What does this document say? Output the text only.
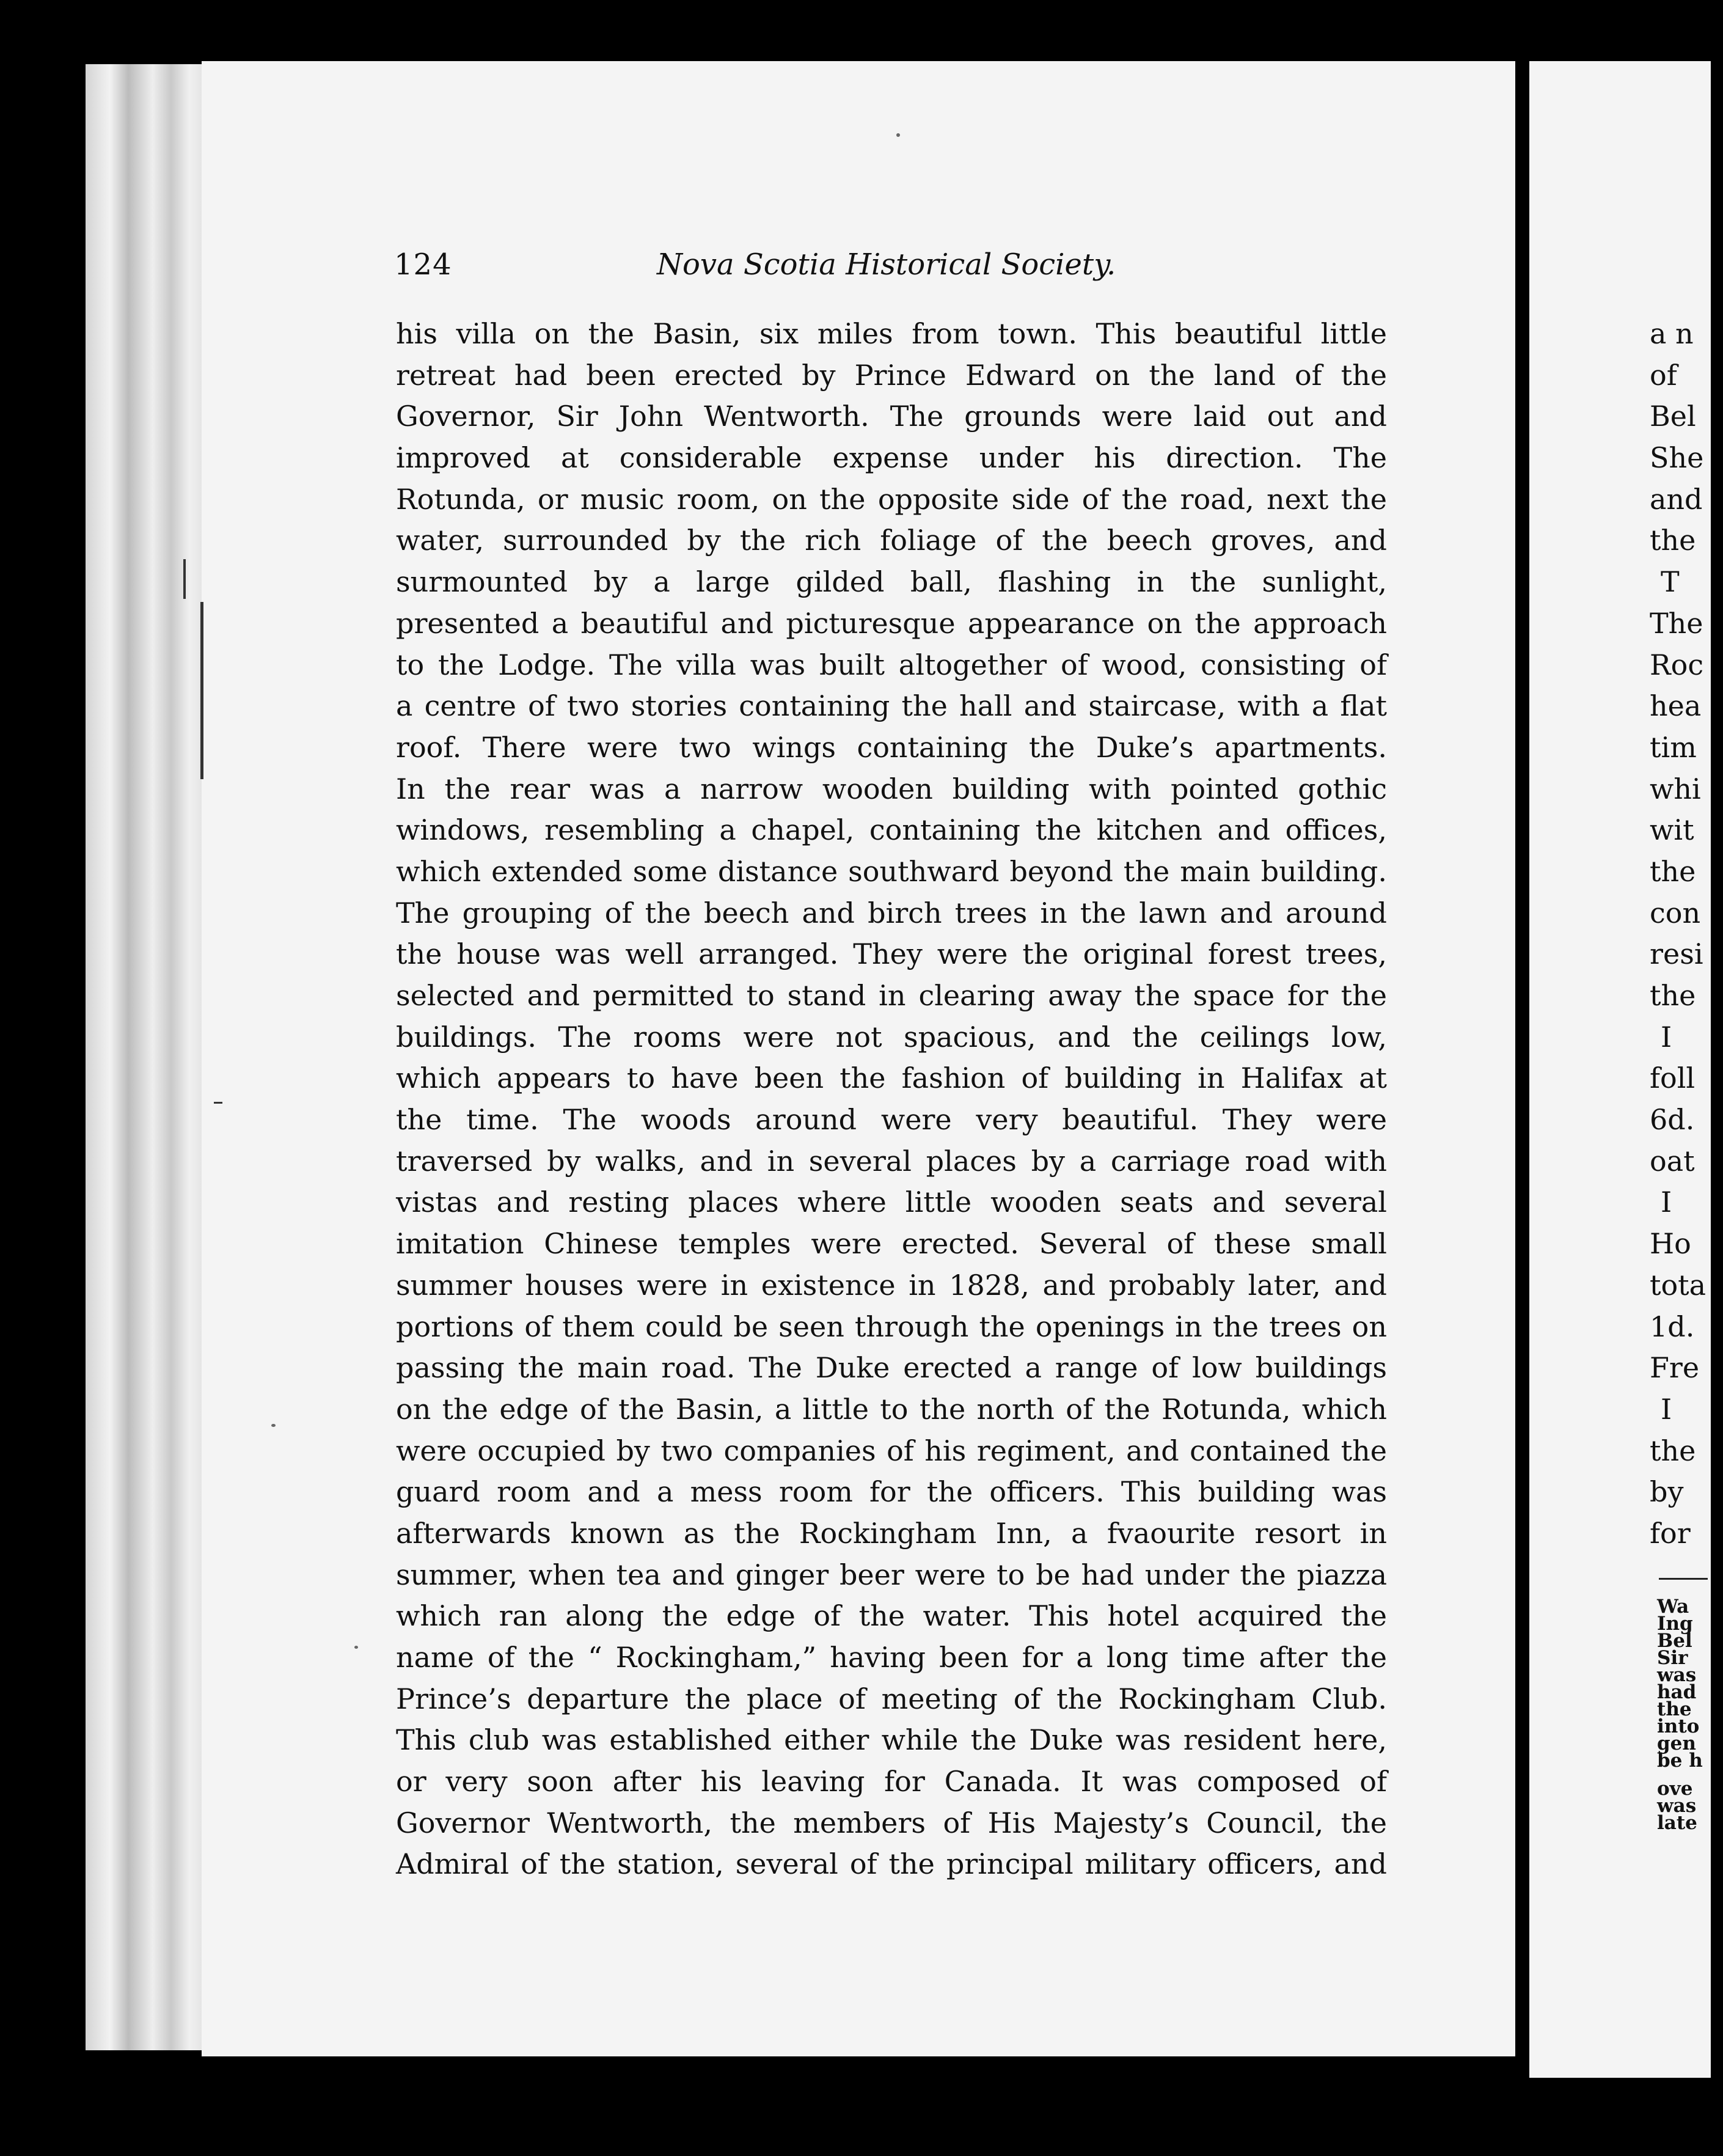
124	Nova Scotia Historical Society.
his villa on the Basin, six miles from town. This beautiful little
retreat had been erected by Prince Edward on the land of the
Governor, Sir John Wentworth. The grounds were laid out and
improved at considerable expense under his direction. The
Rotunda, or music room, on the opposite side of the road, next the
water, surrounded by the rich foliage of the beech groves, and
surmounted by a large gilded ball, flashing in the sunlight,
presented a beautiful and picturesque appearance on the approach
to the Lodge. The villa was built altogether of wood, consisting of
a centre of two stories containing the hall and staircase, with a flat
roof. There were two wings containing the Duke’s apartments.
In the rear was a narrow wooden building with pointed gothic
windows, resembling a chapel, containing the kitchen and offices,
which extended some distance southward beyond the main building.
The grouping of the beech and birch trees in the lawn and around
the house was well arranged. They were the original forest trees,
selected and permitted to stand in clearing away the space for the
buildings. The rooms were not spacious, and the ceilings low,
which appears to have been the fashion of building in Halifax at
the time. The woods around were very beautiful. They were
traversed by walks, and in several places by a carriage road with
vistas and resting places where little wooden seats and several
imitation Chinese temples were erected. Several of these small
summer houses were in existence in 1828, and probably later, and
portions of them could be seen through the openings in the trees on
passing the main road. The Duke erected a range of low buildings
on the edge of the Basin, a little to the north of the Rotunda, which
were occupied by two companies of his regiment, and contained the
guard room and a mess room for the officers. This building was
afterwards known as the Rockingham Inn, a fvaourite resort in
summer, when tea and ginger beer were to be had under the piazza
which ran along the edge of the water. This hotel acquired the
name of the “ Rockingham,” having been for a long time after the
Prince’s departure the place of meeting of the Rockingham Club.
This club was established either while the Duke was resident here,
or very soon after his leaving for Canada. It was composed of
Governor Wentworth, the members of His Majesty’s Council, the
Admiral of the station, several of the principal military officers, and
a n
of
Bel
She
and
the
T
The
Roc
hea
tim
whi
wit
the
con
resi
the
I
foll
6d.
oat
I
Ho
tota
1d.
Fre
I
the
by
for
Wa
Ing
Bel
Sir
was
had
the
into
gen
be h
ove
was
late
